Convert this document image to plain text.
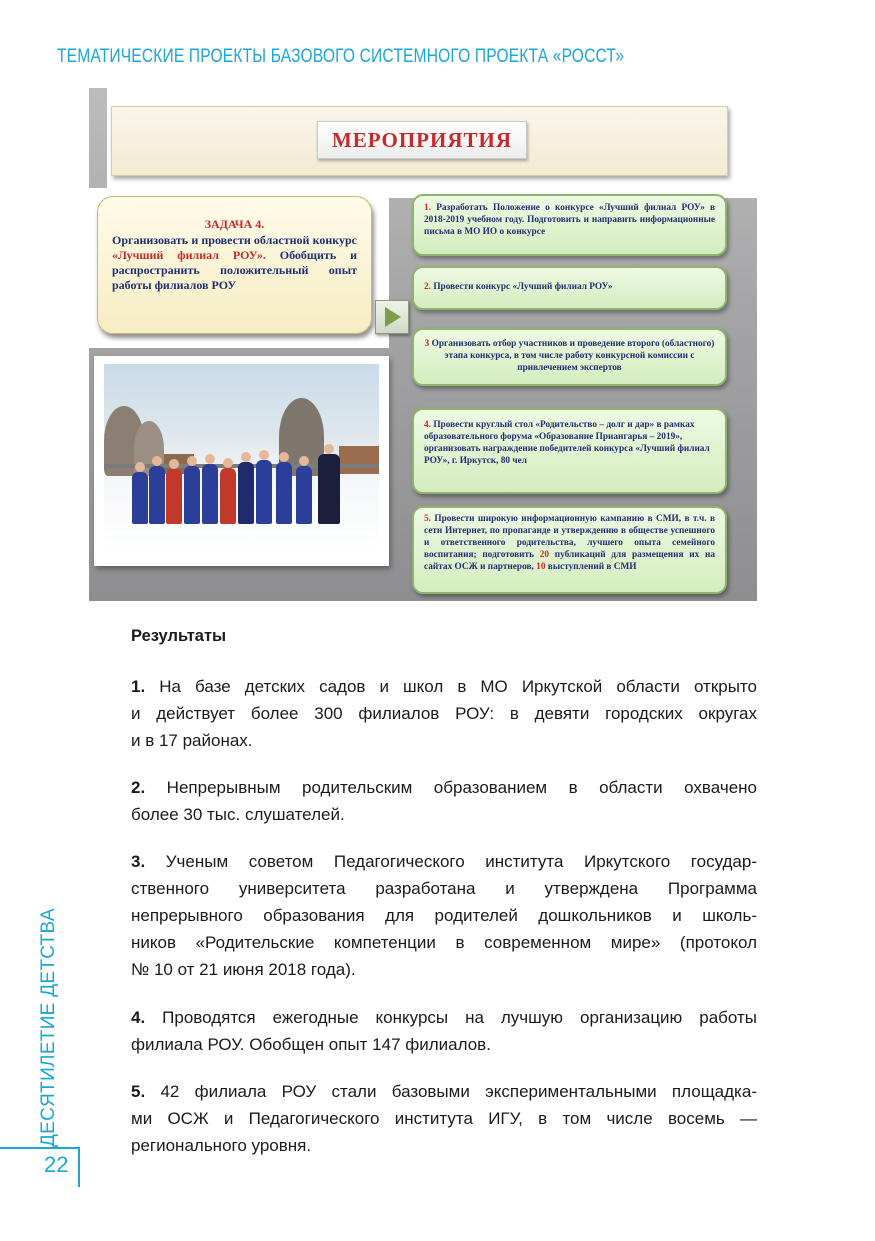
ТЕМАТИЧЕСКИЕ ПРОЕКТЫ БАЗОВОГО СИСТЕМНОГО ПРОЕКТА «РОССТ»
МЕРОПРИЯТИЯ
ЗАДАЧА 4.
Организовать и провести областной конкурс «Лучший филиал РОУ». Обобщить и распространить положительный опыт работы филиалов РОУ
1. Разработать Положение о конкурсе «Лучший филиал РОУ» в 2018-2019 учебном году. Подготовить и направить информационные письма в МО ИО о конкурсе
2. Провести конкурс «Лучший филиал РОУ»
3 Организовать отбор участников и проведение второго (областного) этапа конкурса, в том числе работу конкурсной комиссии с привлечением экспертов
4. Провести круглый стол «Родительство – долг и дар» в рамках образовательного форума «Образование Приангарья – 2019», организовать награждение победителей конкурса «Лучший филиал РОУ», г. Иркутск, 80 чел
5. Провести широкую информационную кампанию в СМИ, в т.ч. в сети Интернет, по пропаганде и утверждению в обществе успешного и ответственного родительства, лучшего опыта семейного воспитания; подготовить 20 публикаций для размещения их на сайтах ОСЖ и партнеров, 10 выступлений в СМИ
Результаты
1. На базе детских садов и школ в МО Иркутской области открыто
и действует более 300 филиалов РОУ: в девяти городских округах
и в 17 районах.
2. Непрерывным родительским образованием в области охвачено
более 30 тыс. слушателей.
3. Ученым советом Педагогического института Иркутского государ-
ственного университета разработана и утверждена Программа
непрерывного образования для родителей дошкольников и школь-
ников «Родительские компетенции в современном мире» (протокол
№ 10 от 21 июня 2018 года).
4. Проводятся ежегодные конкурсы на лучшую организацию работы
филиала РОУ. Обобщен опыт 147 филиалов.
5. 42 филиала РОУ стали базовыми экспериментальными площадка-
ми ОСЖ и Педагогического института ИГУ, в том числе восемь —
регионального уровня.
ДЕСЯТИЛЕТИЕ ДЕТСТВА
22
